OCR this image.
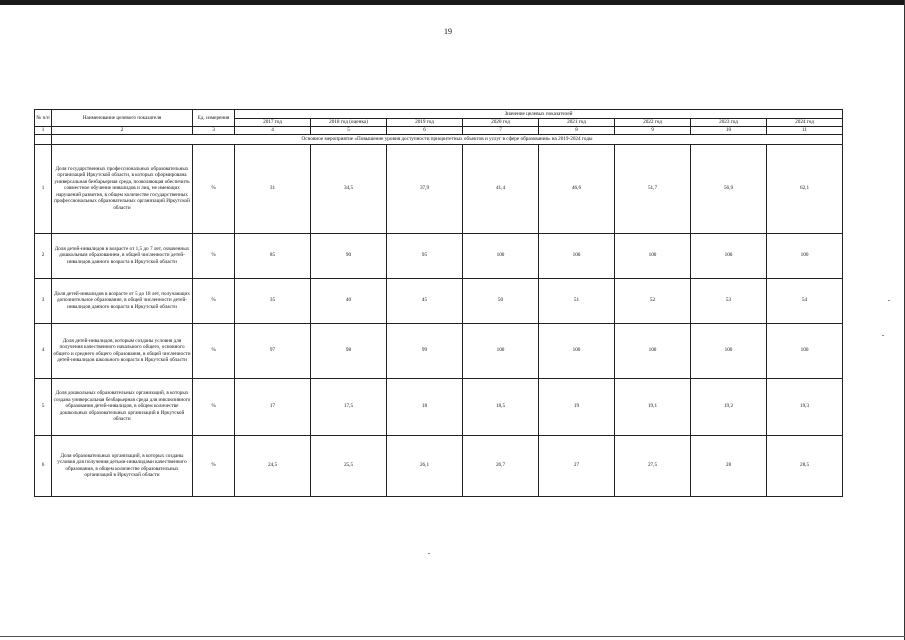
19
№ п/п	Наименование целевого показателя	Ед. измерения	Значение целевых показателей							
			2017 год	2018 год (оценка)	2019 год	2020 год	2021 год	2022 год	2023 год	2024 год
1	2	3	4	5	6	7	8	9	10	11
	Основное мероприятие «Повышение уровня доступности приоритетных объектов и услуг в сфере образования» на 2019-2024 годы									
1	Доля государственных профессиональных образовательных организаций Иркутской области, в которых сформирована универсальная безбарьерная среда, позволяющая обеспечить совместное обучение инвалидов и лиц, не имеющих нарушений развития, в общем количестве государственных профессиональных образовательных организаций Иркутской области	%	31	34,5	37,9	41,4	46,6	51,7	56,9	62,1
2	Доля детей-инвалидов в возрасте от 1,5 до 7 лет, охваченных дошкольным образованием, в общей численности детей-инвалидов данного возраста в Иркутской области	%	85	90	95	100	100	100	100	100
3	Доля детей-инвалидов в возрасте от 5 до 18 лет, получающих дополнительное образование, в общей численности детей-инвалидов данного возраста в Иркутской области	%	35	40	45	50	51	52	53	54
4	Доля детей-инвалидов, которым созданы условия для получения качественного начального общего, основного общего и среднего общего образования, в общей численности детей-инвалидов школьного возраста в Иркутской области	%	97	98	99	100	100	100	100	100
5	Доля дошкольных образовательных организаций, в которых создана универсальная безбарьерная среда для инклюзивного образования детей-инвалидов, в общем количестве дошкольных образовательных организаций в Иркутской области	%	17	17,5	18	18,5	19	19,1	19,2	19,3
6	Доля образовательных организаций, в которых созданы условия для получения детьми-инвалидами качественного образования, в общем количестве образовательных организаций в Иркутской области	%	24,5	25,5	26,1	26,7	27	27,5	28	28,5
